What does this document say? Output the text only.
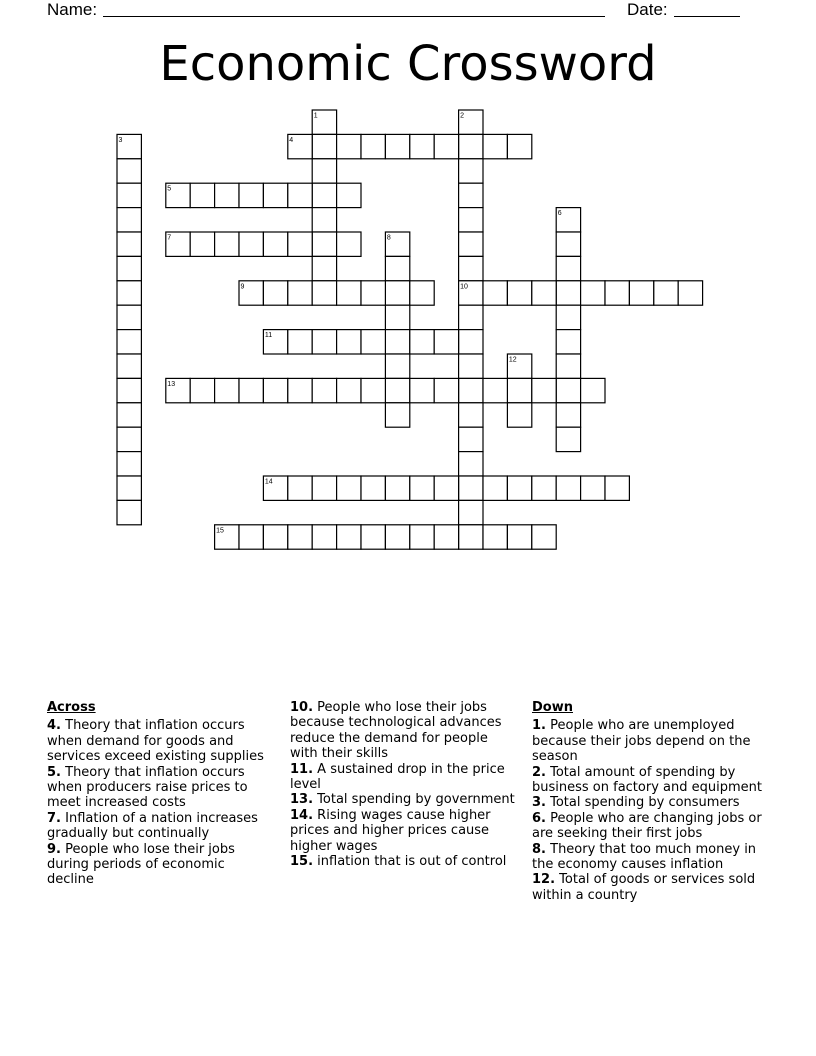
Name:	Date:
Economic Crossword
1	2
3	4
5
6
7	8
9	10
11
12
13
14
15
Across

4. Theory that inflation occurs when demand for goods and services exceed existing supplies

5. Theory that inflation occurs when producers raise prices to meet increased costs

7. Inflation of a nation increases gradually but continually

9. People who lose their jobs during periods of economic decline

10. People who lose their jobs because technological advances reduce the demand for people with their skills

11. A sustained drop in the price level

13. Total spending by government

14. Rising wages cause higher prices and higher prices cause higher wages

15. inflation that is out of control

Down

1. People who are unemployed because their jobs depend on the season

2. Total amount of spending by business on factory and equipment

3. Total spending by consumers

6. People who are changing jobs or are seeking their first jobs

8. Theory that too much money in the economy causes inflation

12. Total of goods or services sold within a country
